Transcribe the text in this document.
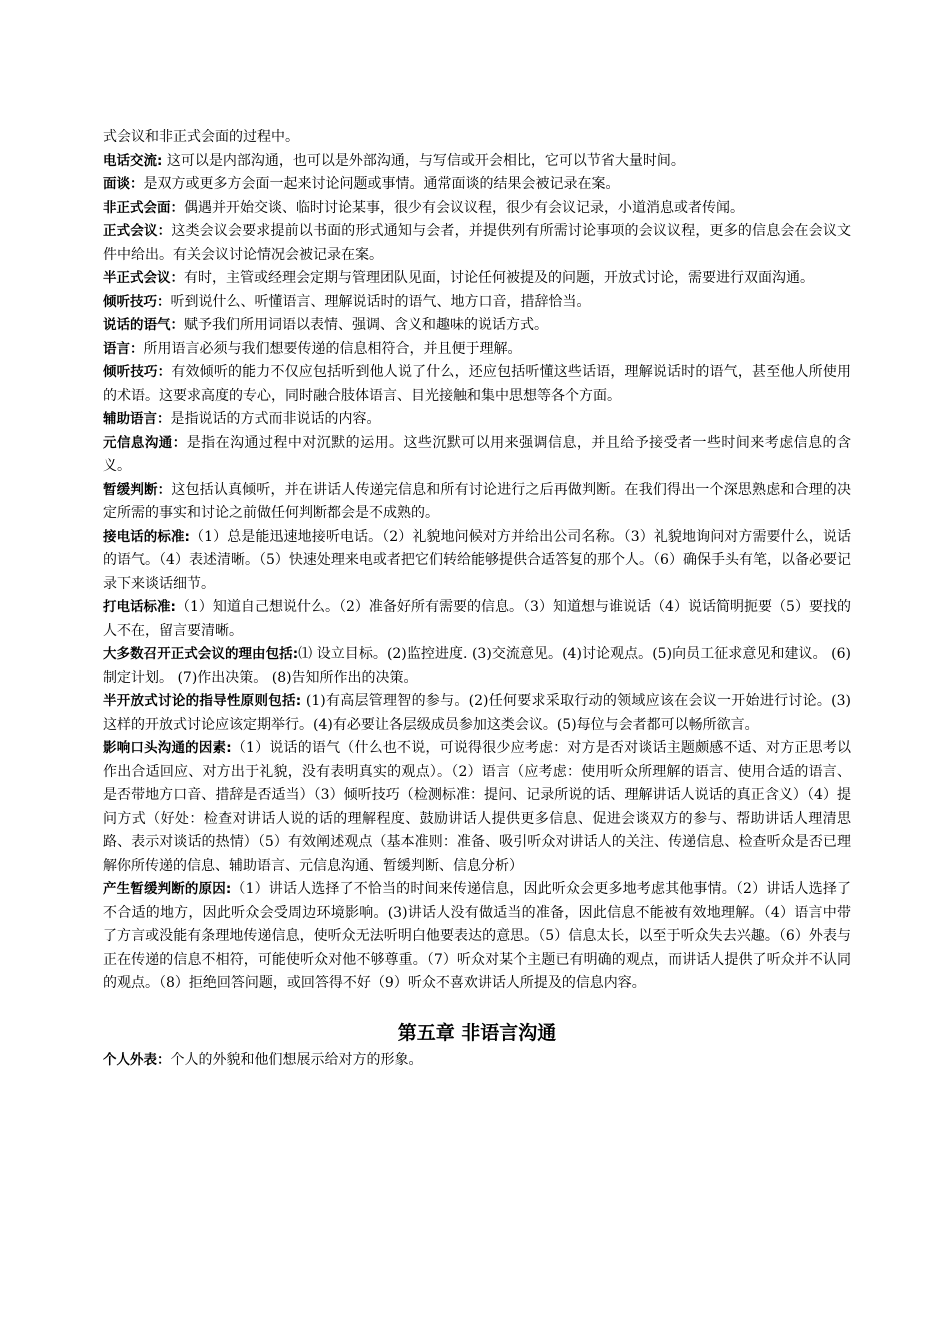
式会议和非正式会面的过程中。

电话交流: 这可以是内部沟通，也可以是外部沟通，与写信或开会相比，它可以节省大量时间。

面谈：是双方或更多方会面一起来讨论问题或事情。通常面谈的结果会被记录在案。

非正式会面：偶遇并开始交谈、临时讨论某事，很少有会议议程，很少有会议记录，小道消息或者传闻。

正式会议：这类会议会要求提前以书面的形式通知与会者，并提供列有所需讨论事项的会议议程，更多的信息会在会议文件中给出。有关会议讨论情况会被记录在案。

半正式会议：有时，主管或经理会定期与管理团队见面，讨论任何被提及的问题，开放式讨论，需要进行双面沟通。

倾听技巧：听到说什么、听懂语言、理解说话时的语气、地方口音，措辞恰当。

说话的语气：赋予我们所用词语以表情、强调、含义和趣味的说话方式。

语言：所用语言必须与我们想要传递的信息相符合，并且便于理解。

倾听技巧：有效倾听的能力不仅应包括听到他人说了什么，还应包括听懂这些话语，理解说话时的语气，甚至他人所使用的术语。这要求高度的专心，同时融合肢体语言、目光接触和集中思想等各个方面。

辅助语言：是指说话的方式而非说话的内容。

元信息沟通：是指在沟通过程中对沉默的运用。这些沉默可以用来强调信息，并且给予接受者一些时间来考虑信息的含义。

暂缓判断：这包括认真倾听，并在讲话人传递完信息和所有讨论进行之后再做判断。在我们得出一个深思熟虑和合理的决定所需的事实和讨论之前做任何判断都会是不成熟的。

接电话的标准:（1）总是能迅速地接听电话。（2）礼貌地问候对方并给出公司名称。（3）礼貌地询问对方需要什么，说话的语气。（4）表述清晰。（5）快速处理来电或者把它们转给能够提供合适答复的那个人。（6）确保手头有笔，以备必要记录下来谈话细节。

打电话标准:（1）知道自己想说什么。（2）准备好所有需要的信息。（3）知道想与谁说话（4）说话简明扼要（5）要找的人不在，留言要清晰。

大多数召开正式会议的理由包括:⑴ 设立目标。(2)监控进度. (3)交流意见。(4)讨论观点。(5)向员工征求意见和建议。 (6)制定计划。 (7)作出决策。 (8)告知所作出的决策。

半开放式讨论的指导性原则包括: (1)有高层管理智的参与。(2)任何要求采取行动的领域应该在会议一开始进行讨论。(3)这样的开放式讨论应该定期举行。(4)有必要让各层级成员参加这类会议。(5)每位与会者都可以畅所欲言。

影响口头沟通的因素:（1）说话的语气（什么也不说，可说得很少应考虑：对方是否对谈话主题颇感不适、对方正思考以作出合适回应、对方出于礼貌，没有表明真实的观点）。（2）语言（应考虑：使用听众所理解的语言、使用合适的语言、是否带地方口音、措辞是否适当）（3）倾听技巧（检测标准：提问、记录所说的话、理解讲话人说话的真正含义）（4）提问方式（好处：检查对讲话人说的话的理解程度、鼓励讲话人提供更多信息、促进会谈双方的参与、帮助讲话人理清思路、表示对谈话的热情）（5）有效阐述观点（基本准则：准备、吸引听众对讲话人的关注、传递信息、检查听众是否已理解你所传递的信息、辅助语言、元信息沟通、暂缓判断、信息分析）

产生暂缓判断的原因:（1）讲话人选择了不恰当的时间来传递信息，因此听众会更多地考虑其他事情。（2）讲话人选择了不合适的地方，因此听众会受周边环境影响。(3)讲话人没有做适当的准备，因此信息不能被有效地理解。（4）语言中带了方言或没能有条理地传递信息，使听众无法听明白他要表达的意思。（5）信息太长，以至于听众失去兴趣。（6）外表与正在传递的信息不相符，可能使听众对他不够尊重。（7）听众对某个主题已有明确的观点，而讲话人提供了听众并不认同的观点。（8）拒绝回答问题，或回答得不好（9）听众不喜欢讲话人所提及的信息内容。

第五章 非语言沟通

个人外表：个人的外貌和他们想展示给对方的形象。
